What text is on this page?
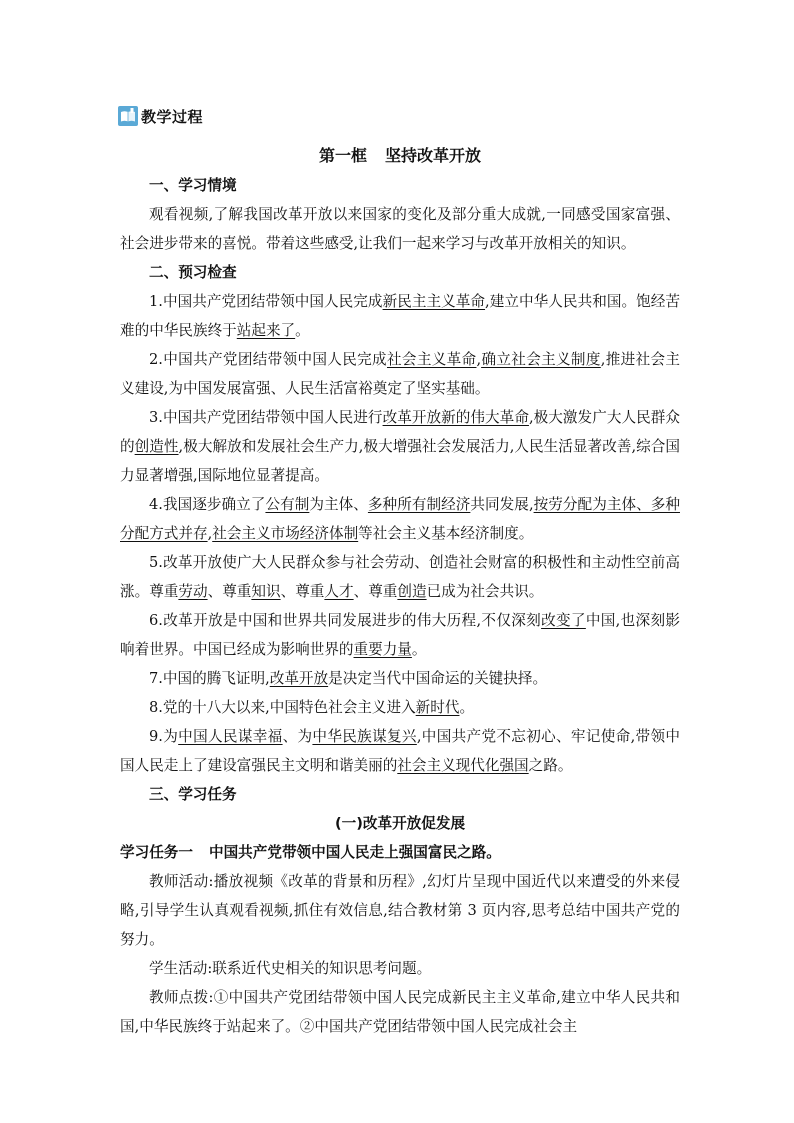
教学过程
第一框 坚持改革开放
一、学习情境
观看视频,了解我国改革开放以来国家的变化及部分重大成就,一同感受国家富强、社会进步带来的喜悦。带着这些感受,让我们一起来学习与改革开放相关的知识。
二、预习检查
1.中国共产党团结带领中国人民完成新民主主义革命,建立中华人民共和国。饱经苦难的中华民族终于站起来了。
2.中国共产党团结带领中国人民完成社会主义革命,确立社会主义制度,推进社会主义建设,为中国发展富强、人民生活富裕奠定了坚实基础。
3.中国共产党团结带领中国人民进行改革开放新的伟大革命,极大激发广大人民群众的创造性,极大解放和发展社会生产力,极大增强社会发展活力,人民生活显著改善,综合国力显著增强,国际地位显著提高。
4.我国逐步确立了公有制为主体、多种所有制经济共同发展,按劳分配为主体、多种分配方式并存,社会主义市场经济体制等社会主义基本经济制度。
5.改革开放使广大人民群众参与社会劳动、创造社会财富的积极性和主动性空前高涨。尊重劳动、尊重知识、尊重人才、尊重创造已成为社会共识。
6.改革开放是中国和世界共同发展进步的伟大历程,不仅深刻改变了中国,也深刻影响着世界。中国已经成为影响世界的重要力量。
7.中国的腾飞证明,改革开放是决定当代中国命运的关键抉择。
8.党的十八大以来,中国特色社会主义进入新时代。
9.为中国人民谋幸福、为中华民族谋复兴,中国共产党不忘初心、牢记使命,带领中国人民走上了建设富强民主文明和谐美丽的社会主义现代化强国之路。
三、学习任务
(一)改革开放促发展
学习任务一 中国共产党带领中国人民走上强国富民之路。
教师活动:播放视频《改革的背景和历程》,幻灯片呈现中国近代以来遭受的外来侵略,引导学生认真观看视频,抓住有效信息,结合教材第 3 页内容,思考总结中国共产党的努力。
学生活动:联系近代史相关的知识思考问题。
教师点拨:①中国共产党团结带领中国人民完成新民主主义革命,建立中华人民共和国,中华民族终于站起来了。②中国共产党团结带领中国人民完成社会主
